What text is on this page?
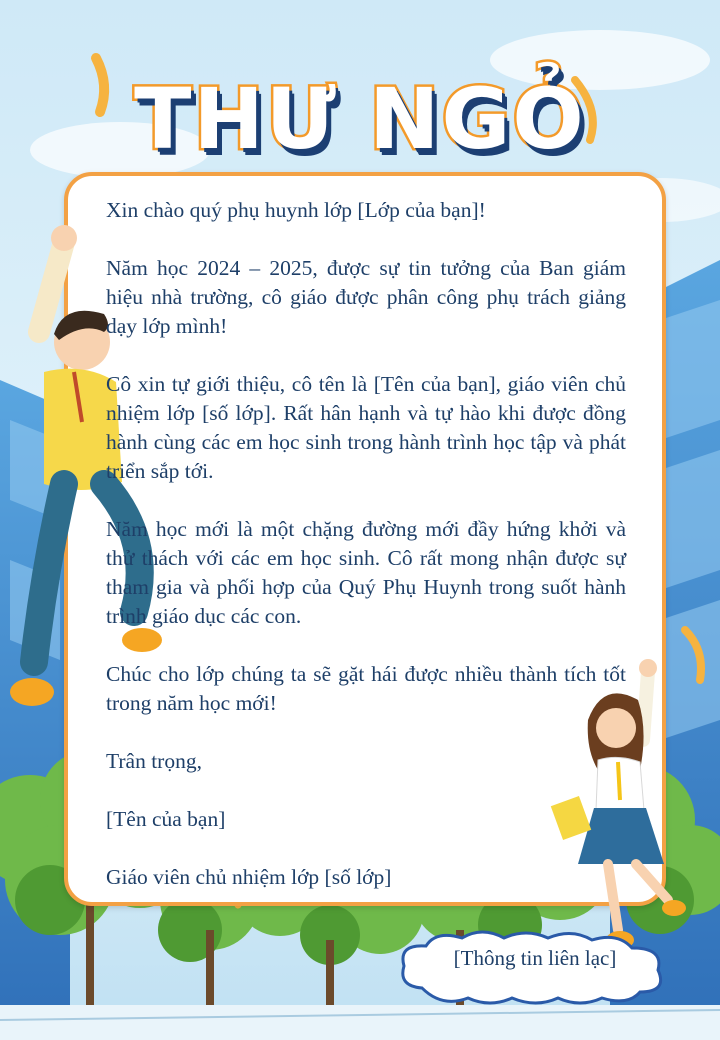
THƯ NGỎ

Xin chào quý phụ huynh lớp [Lớp của bạn]!

Năm học 2024 – 2025, được sự tin tưởng của Ban giám hiệu nhà trường, cô giáo được phân công phụ trách giảng dạy lớp mình!

Cô xin tự giới thiệu, cô tên là [Tên của bạn], giáo viên chủ nhiệm lớp [số lớp]. Rất hân hạnh và tự hào khi được đồng hành cùng các em học sinh trong hành trình học tập và phát triển sắp tới.

Năm học mới là một chặng đường mới đầy hứng khởi và thử thách với các em học sinh. Cô rất mong nhận được sự tham gia và phối hợp của Quý Phụ Huynh trong suốt hành trình giáo dục các con.

Chúc cho lớp chúng ta sẽ gặt hái được nhiều thành tích tốt trong năm học mới!

Trân trọng,

[Tên của bạn]

Giáo viên chủ nhiệm lớp [số lớp]

[Thông tin liên lạc]
